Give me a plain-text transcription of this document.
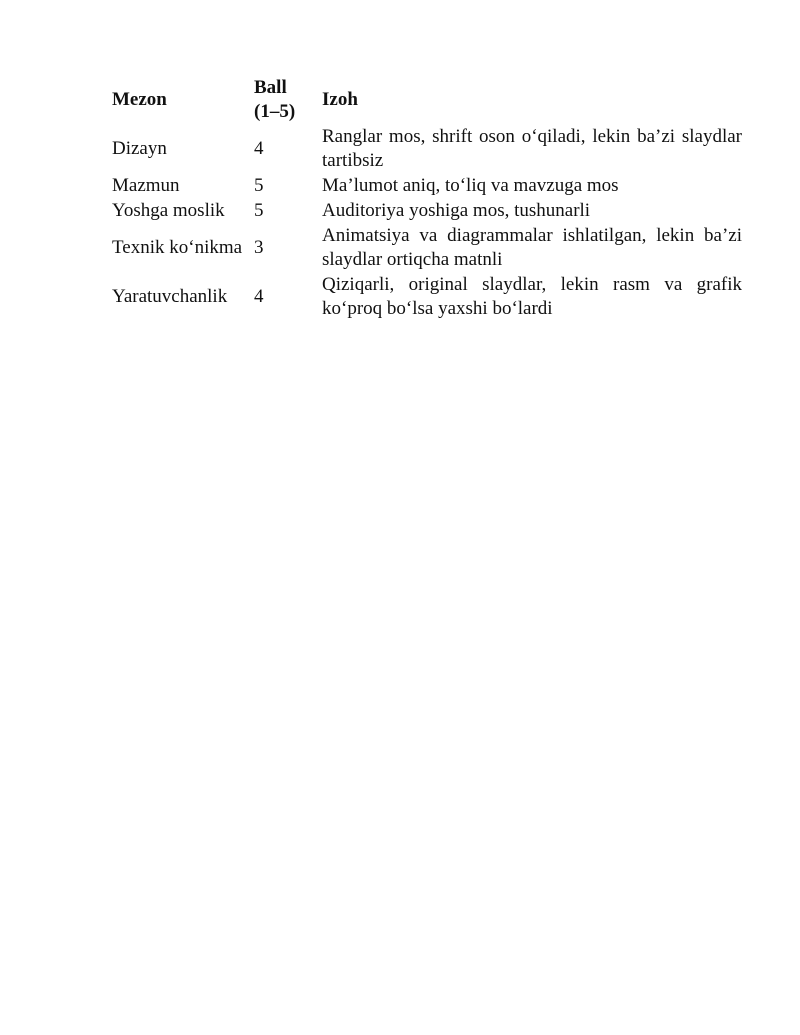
Mezon	Ball (1–5)	Izoh
Dizayn	4	Ranglar mos, shrift oson o‘qiladi, lekin ba’zi slaydlar tartibsiz
Mazmun	5	Ma’lumot aniq, to‘liq va mavzuga mos
Yoshga moslik	5	Auditoriya yoshiga mos, tushunarli
Texnik ko‘nikma	3	Animatsiya va diagrammalar ishlatilgan, lekin ba’zi slaydlar ortiqcha matnli
Yaratuvchanlik	4	Qiziqarli, original slaydlar, lekin rasm va grafik ko‘proq bo‘lsa yaxshi bo‘lardi
